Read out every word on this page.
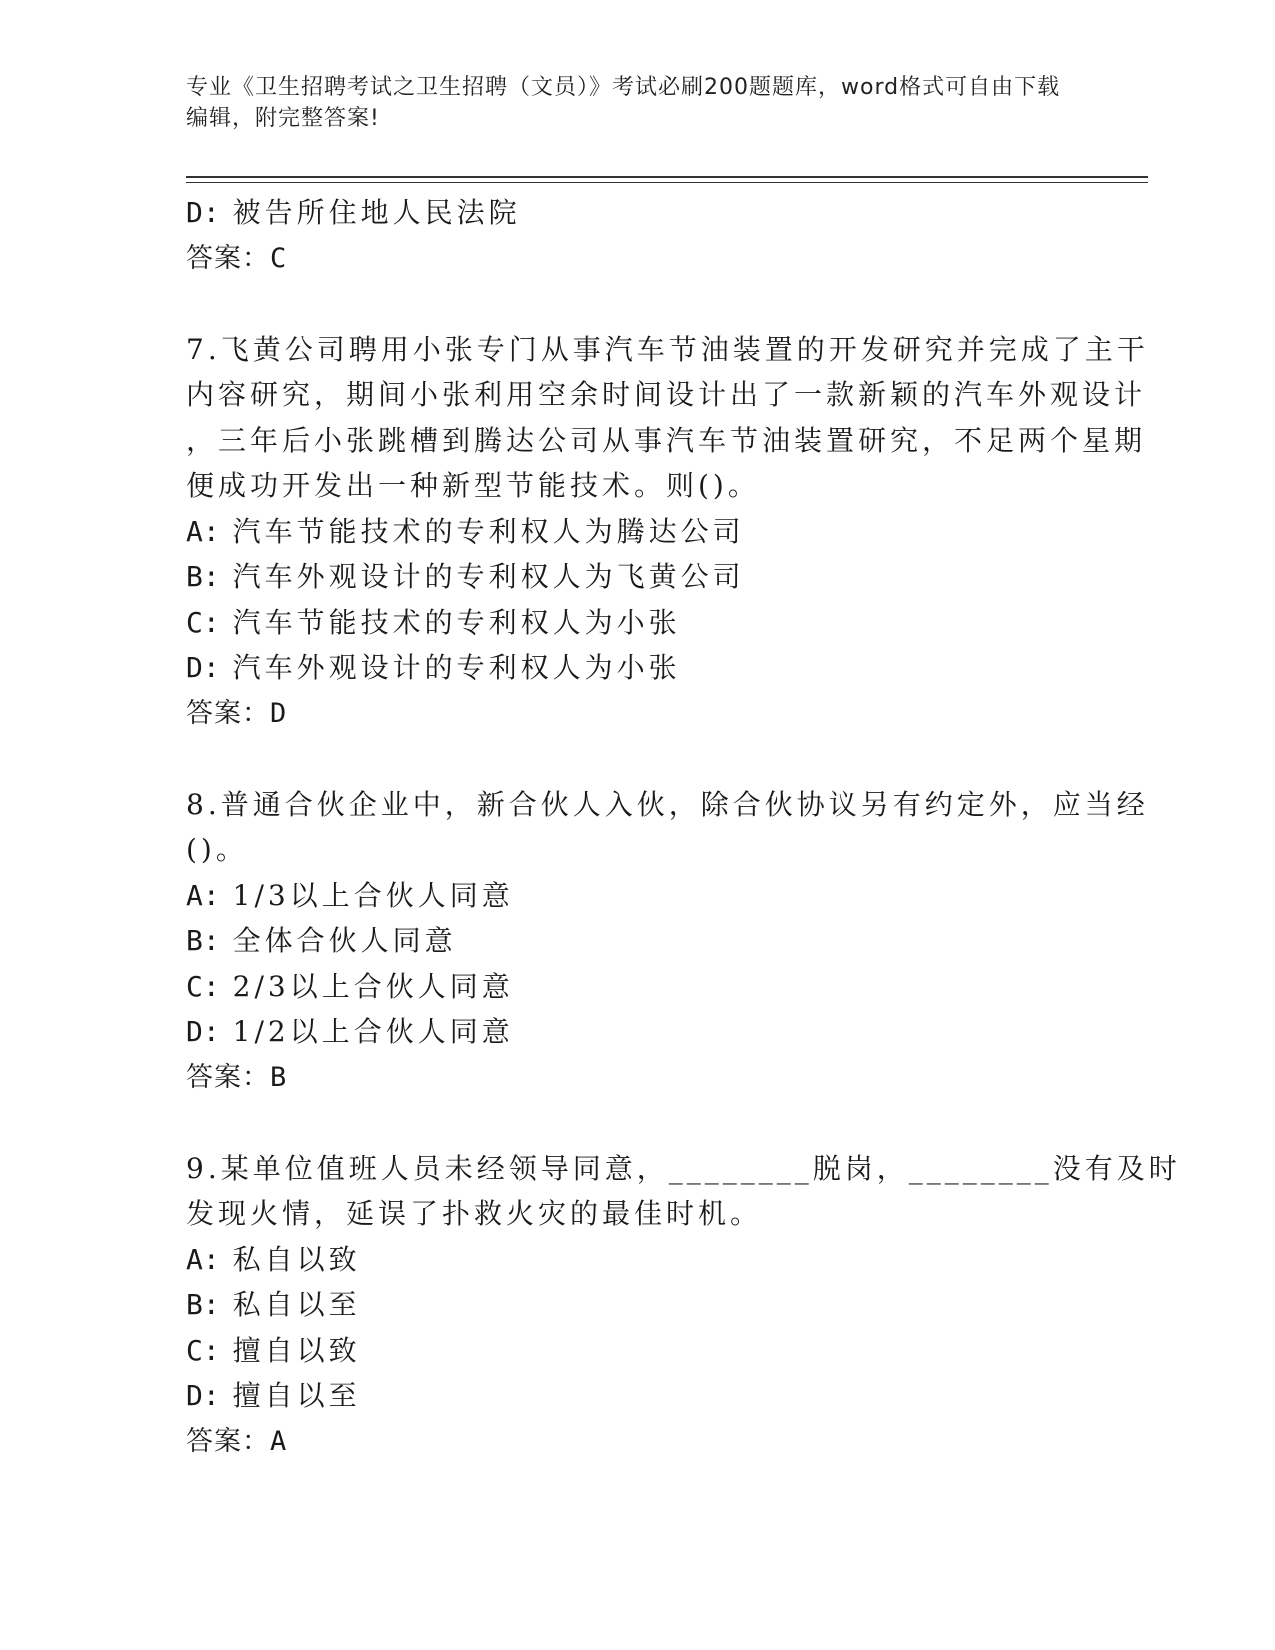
专业《卫生招聘考试之卫生招聘（文员）》考试必刷200题题库，word格式可自由下载编辑，附完整答案!
D: 被告所住地人民法院
答案：C
7.飞黄公司聘用小张专门从事汽车节油装置的开发研究并完成了主干
内容研究，期间小张利用空余时间设计出了一款新颖的汽车外观设计
，三年后小张跳槽到腾达公司从事汽车节油装置研究，不足两个星期
便成功开发出一种新型节能技术。则()。
A: 汽车节能技术的专利权人为腾达公司
B: 汽车外观设计的专利权人为飞黄公司
C: 汽车节能技术的专利权人为小张
D: 汽车外观设计的专利权人为小张
答案：D
8.普通合伙企业中，新合伙人入伙，除合伙协议另有约定外，应当经
()。
A: 1/3以上合伙人同意
B: 全体合伙人同意
C: 2/3以上合伙人同意
D: 1/2以上合伙人同意
答案：B
9.某单位值班人员未经领导同意，________脱岗，________没有及时
发现火情，延误了扑救火灾的最佳时机。
A: 私自以致
B: 私自以至
C: 擅自以致
D: 擅自以至
答案：A
